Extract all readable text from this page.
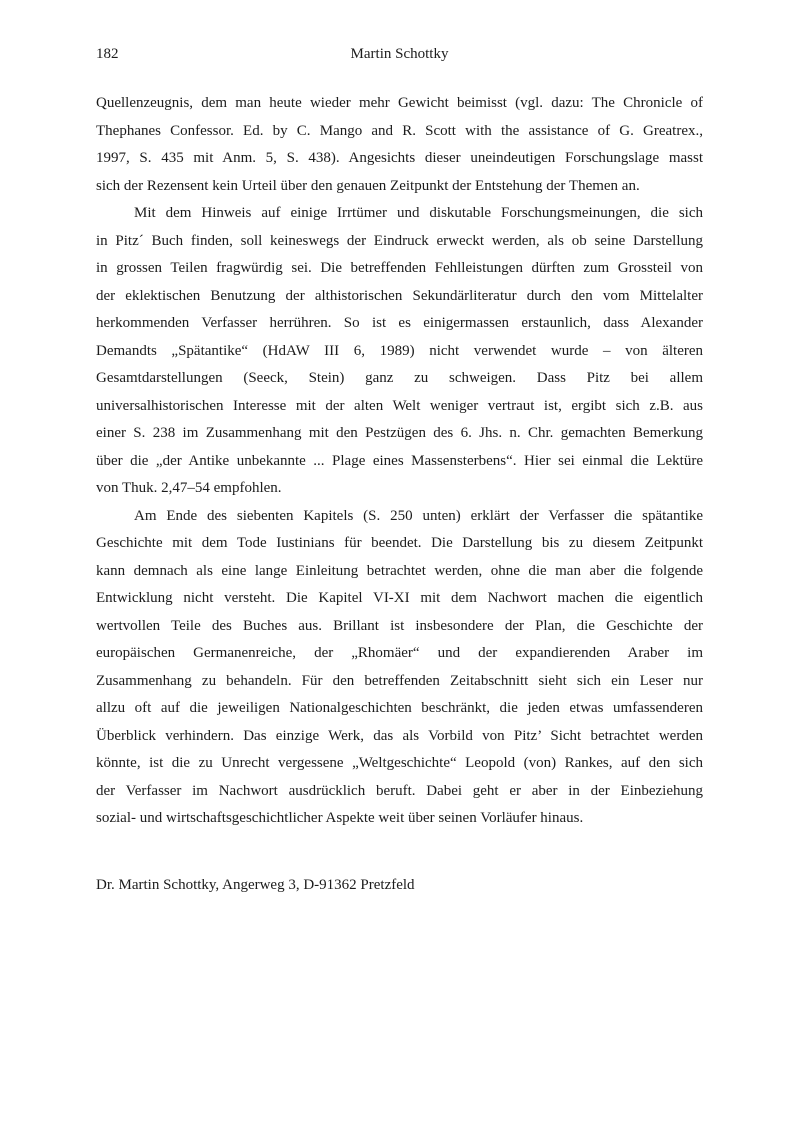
182	Martin Schottky
Quellenzeugnis, dem man heute wieder mehr Gewicht beimisst (vgl. dazu: The Chronicle of
Thephanes Confessor. Ed. by C. Mango and R. Scott with the assistance of G. Greatrex.,
1997, S. 435 mit Anm. 5, S. 438). Angesichts dieser uneindeutigen Forschungslage masst
sich der Rezensent kein Urteil über den genauen Zeitpunkt der Entstehung der Themen an.
Mit dem Hinweis auf einige Irrtümer und diskutable Forschungsmeinungen, die sich
in Pitz´ Buch finden, soll keineswegs der Eindruck erweckt werden, als ob seine Darstellung
in grossen Teilen fragwürdig sei. Die betreffenden Fehlleistungen dürften zum Grossteil von
der eklektischen Benutzung der althistorischen Sekundärliteratur durch den vom Mittelalter
herkommenden Verfasser herrühren. So ist es einigermassen erstaunlich, dass Alexander
Demandts „Spätantike“ (HdAW III 6, 1989) nicht verwendet wurde – von älteren
Gesamtdarstellungen (Seeck, Stein) ganz zu schweigen. Dass Pitz bei allem
universalhistorischen Interesse mit der alten Welt weniger vertraut ist, ergibt sich z.B. aus
einer S. 238 im Zusammenhang mit den Pestzügen des 6. Jhs. n. Chr. gemachten Bemerkung
über die „der Antike unbekannte ... Plage eines Massensterbens“. Hier sei einmal die Lektüre
von Thuk. 2,47–54 empfohlen.
Am Ende des siebenten Kapitels (S. 250 unten) erklärt der Verfasser die spätantike
Geschichte mit dem Tode Iustinians für beendet. Die Darstellung bis zu diesem Zeitpunkt
kann demnach als eine lange Einleitung betrachtet werden, ohne die man aber die folgende
Entwicklung nicht versteht. Die Kapitel VI-XI mit dem Nachwort machen die eigentlich
wertvollen Teile des Buches aus. Brillant ist insbesondere der Plan, die Geschichte der
europäischen Germanenreiche, der „Rhomäer“ und der expandierenden Araber im
Zusammenhang zu behandeln. Für den betreffenden Zeitabschnitt sieht sich ein Leser nur
allzu oft auf die jeweiligen Nationalgeschichten beschränkt, die jeden etwas umfassenderen
Überblick verhindern. Das einzige Werk, das als Vorbild von Pitz’ Sicht betrachtet werden
könnte, ist die zu Unrecht vergessene „Weltgeschichte“ Leopold (von) Rankes, auf den sich
der Verfasser im Nachwort ausdrücklich beruft. Dabei geht er aber in der Einbeziehung
sozial- und wirtschaftsgeschichtlicher Aspekte weit über seinen Vorläufer hinaus.
Dr. Martin Schottky, Angerweg 3, D-91362 Pretzfeld
